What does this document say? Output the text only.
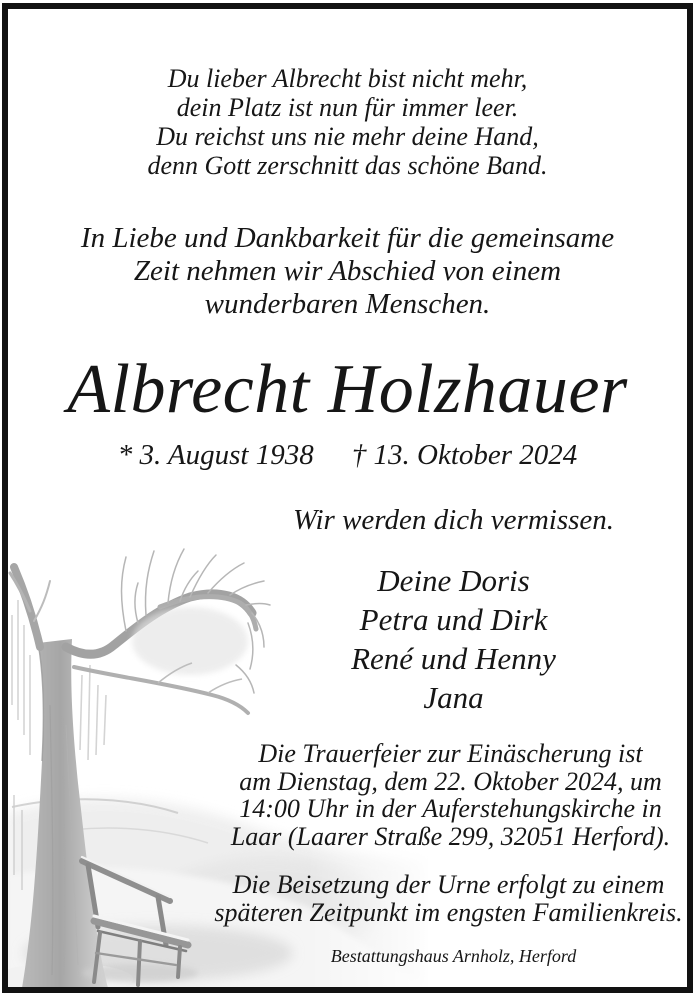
Du lieber Albrecht bist nicht mehr,
dein Platz ist nun für immer leer.
Du reichst uns nie mehr deine Hand,
denn Gott zerschnitt das schöne Band.
In Liebe und Dankbarkeit für die gemeinsame
Zeit nehmen wir Abschied von einem
wunderbaren Menschen.
Albrecht Holzhauer
* 3. August 1938 † 13. Oktober 2024
Wir werden dich vermissen.
Deine Doris
Petra und Dirk
René und Henny
Jana
Die Trauerfeier zur Einäscherung ist
am Dienstag, dem 22. Oktober 2024, um
14:00 Uhr in der Auferstehungskirche in
Laar (Laarer Straße 299, 32051 Herford).
Die Beisetzung der Urne erfolgt zu einem
späteren Zeitpunkt im engsten Familienkreis.
Bestattungshaus Arnholz, Herford
